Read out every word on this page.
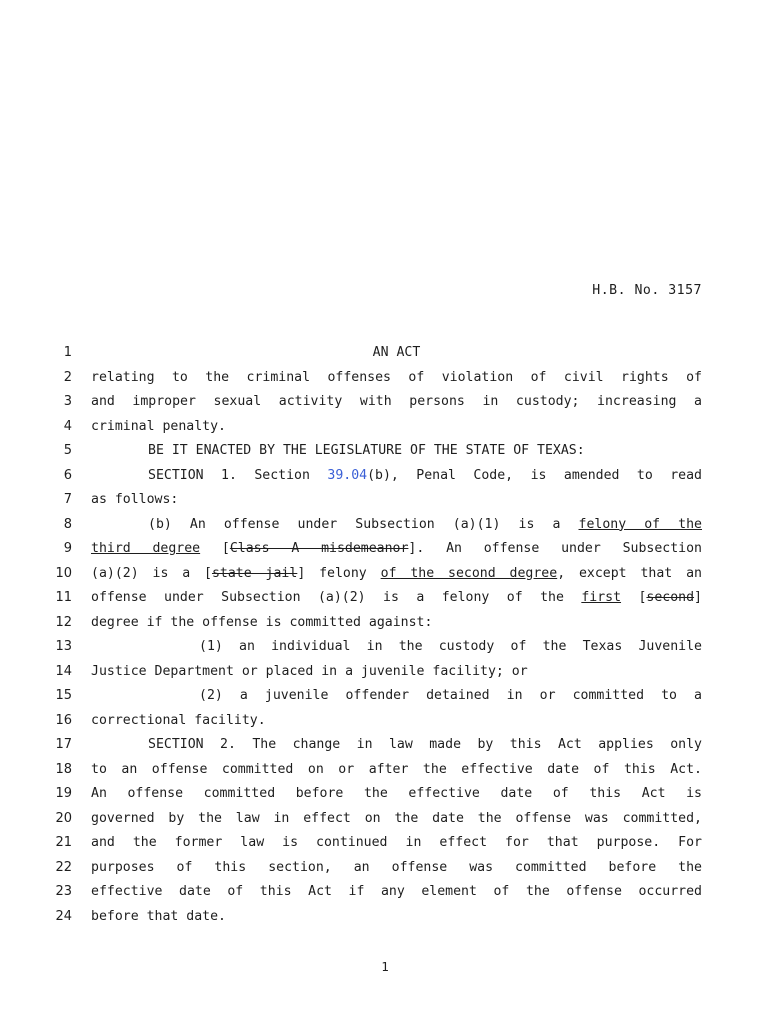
H.B. No. 3157
1	AN ACT
2 relating to the criminal offenses of violation of civil rights of
3 and improper sexual activity with persons in custody; increasing a
4 criminal penalty.
5	BE IT ENACTED BY THE LEGISLATURE OF THE STATE OF TEXAS:
6	SECTION 1. Section 39.04(b), Penal Code, is amended to read
7 as follows:
8	(b) An offense under Subsection (a)(1) is a felony of the
9 third degree [Class A misdemeanor]. An offense under Subsection
10 (a)(2) is a [state jail] felony of the second degree, except that an
11 offense under Subsection (a)(2) is a felony of the first [second]
12 degree if the offense is committed against:
13	(1) an individual in the custody of the Texas Juvenile
14 Justice Department or placed in a juvenile facility; or
15	(2) a juvenile offender detained in or committed to a
16 correctional facility.
17	SECTION 2. The change in law made by this Act applies only
18 to an offense committed on or after the effective date of this Act.
19 An offense committed before the effective date of this Act is
20 governed by the law in effect on the date the offense was committed,
21 and the former law is continued in effect for that purpose. For
22 purposes of this section, an offense was committed before the
23 effective date of this Act if any element of the offense occurred
24 before that date.
1
